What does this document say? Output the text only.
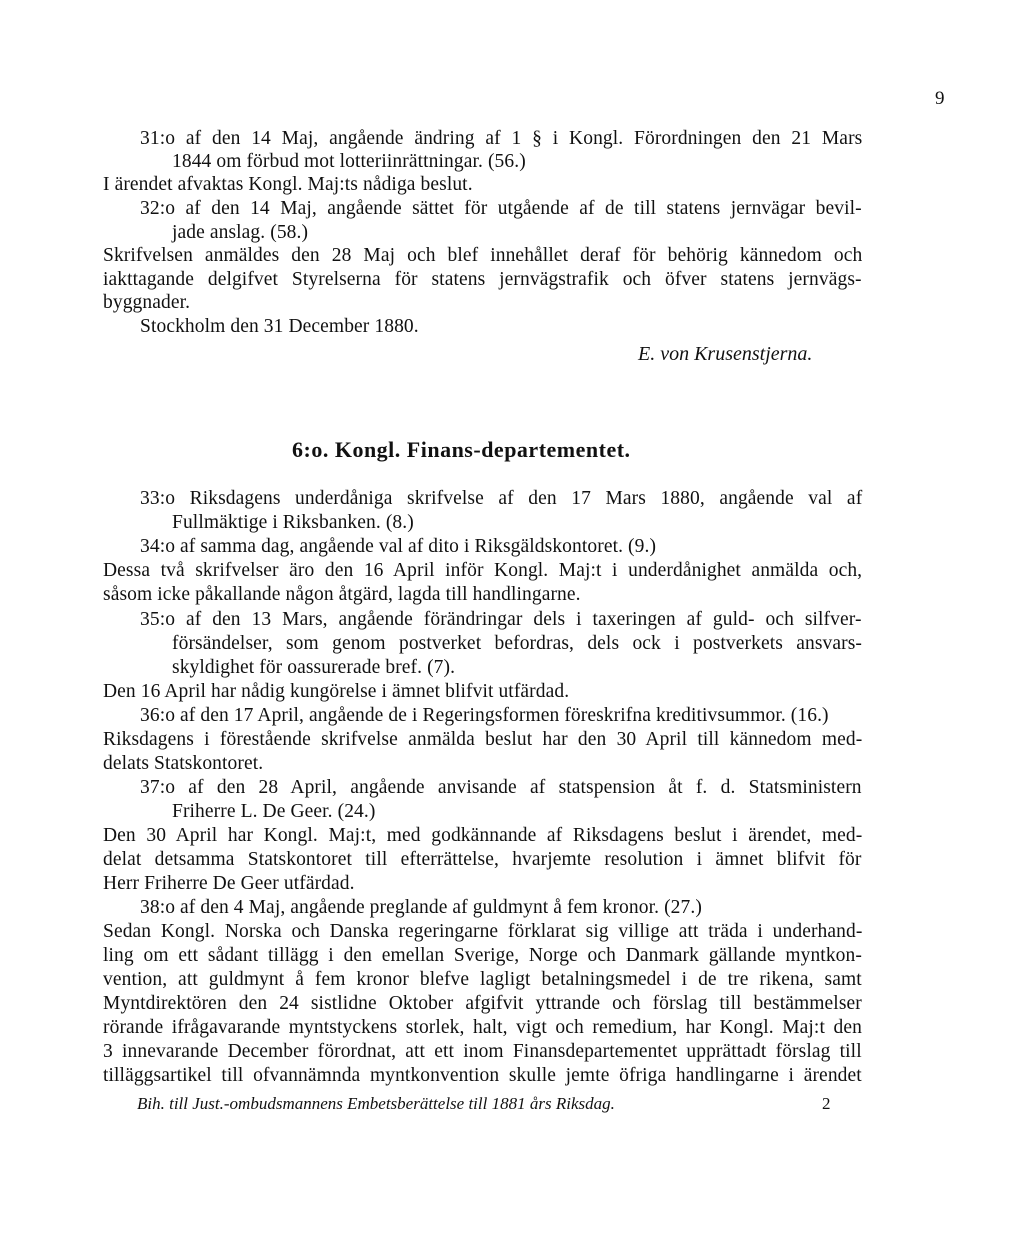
9
31:o af den 14 Maj, angående ändring af 1 § i Kongl. Förordningen den 21 Mars
1844 om förbud mot lotteriinrättningar. (56.)
I ärendet afvaktas Kongl. Maj:ts nådiga beslut.
32:o af den 14 Maj, angående sättet för utgående af de till statens jernvägar bevil-
jade anslag. (58.)
Skrifvelsen anmäldes den 28 Maj och blef innehållet deraf för behörig kännedom och
iakttagande delgifvet Styrelserna för statens jernvägstrafik och öfver statens jernvägs-
byggnader.
Stockholm den 31 December 1880.
E. von Krusenstjerna.
6:o. Kongl. Finans-departementet.
33:o Riksdagens underdåniga skrifvelse af den 17 Mars 1880, angående val af
Fullmäktige i Riksbanken. (8.)
34:o af samma dag, angående val af dito i Riksgäldskontoret. (9.)
Dessa två skrifvelser äro den 16 April inför Kongl. Maj:t i underdånighet anmälda och,
såsom icke påkallande någon åtgärd, lagda till handlingarne.
35:o af den 13 Mars, angående förändringar dels i taxeringen af guld- och silfver-
försändelser, som genom postverket befordras, dels ock i postverkets ansvars-
skyldighet för oassurerade bref. (7).
Den 16 April har nådig kungörelse i ämnet blifvit utfärdad.
36:o af den 17 April, angående de i Regeringsformen föreskrifna kreditivsummor. (16.)
Riksdagens i förestående skrifvelse anmälda beslut har den 30 April till kännedom med-
delats Statskontoret.
37:o af den 28 April, angående anvisande af statspension åt f. d. Statsministern
Friherre L. De Geer. (24.)
Den 30 April har Kongl. Maj:t, med godkännande af Riksdagens beslut i ärendet, med-
delat detsamma Statskontoret till efterrättelse, hvarjemte resolution i ämnet blifvit för
Herr Friherre De Geer utfärdad.
38:o af den 4 Maj, angående preglande af guldmynt å fem kronor. (27.)
Sedan Kongl. Norska och Danska regeringarne förklarat sig villige att träda i underhand-
ling om ett sådant tillägg i den emellan Sverige, Norge och Danmark gällande myntkon-
vention, att guldmynt å fem kronor blefve lagligt betalningsmedel i de tre rikena, samt
Myntdirektören den 24 sistlidne Oktober afgifvit yttrande och förslag till bestämmelser
rörande ifrågavarande myntstyckens storlek, halt, vigt och remedium, har Kongl. Maj:t den
3 innevarande December förordnat, att ett inom Finansdepartementet upprättadt förslag till
tilläggsartikel till ofvannämnda myntkonvention skulle jemte öfriga handlingarne i ärendet
Bih. till Just.-ombudsmannens Embetsberättelse till 1881 års Riksdag.	2
